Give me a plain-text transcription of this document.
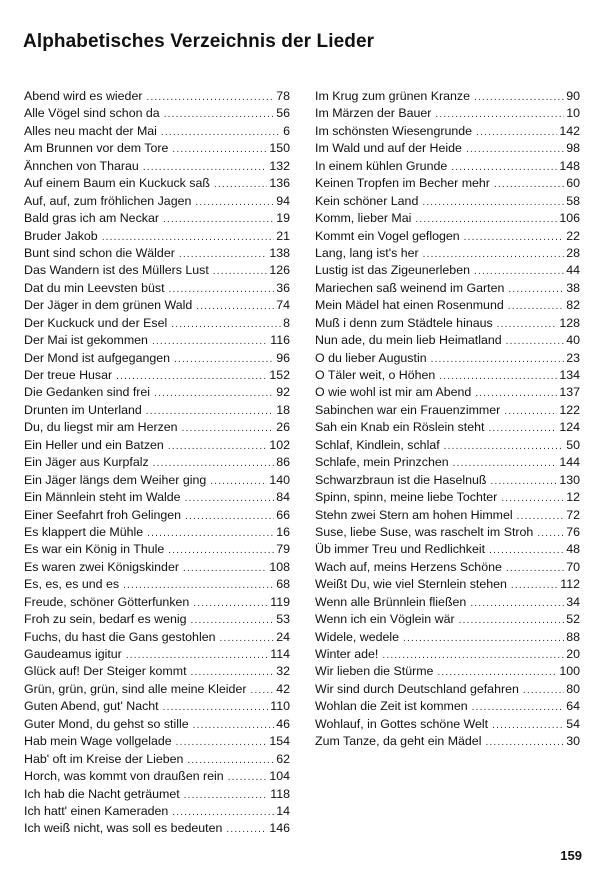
Alphabetisches Verzeichnis der Lieder
Abend wird es wieder .....	78
Alle Vögel sind schon da .....	56
Alles neu macht der Mai .....	6
Am Brunnen vor dem Tore .....	150
Ännchen von Tharau .....	132
Auf einem Baum ein Kuckuck saß .....	136
Auf, auf, zum fröhlichen Jagen .....	94
Bald gras ich am Neckar .....	19
Bruder Jakob .....	21
Bunt sind schon die Wälder .....	138
Das Wandern ist des Müllers Lust .....	126
Dat du min Leevsten büst .....	36
Der Jäger in dem grünen Wald .....	74
Der Kuckuck und der Esel .....	8
Der Mai ist gekommen .....	116
Der Mond ist aufgegangen .....	96
Der treue Husar .....	152
Die Gedanken sind frei .....	92
Drunten im Unterland .....	18
Du, du liegst mir am Herzen .....	26
Ein Heller und ein Batzen .....	102
Ein Jäger aus Kurpfalz .....	86
Ein Jäger längs dem Weiher ging .....	140
Ein Männlein steht im Walde .....	84
Einer Seefahrt froh Gelingen .....	66
Es klappert die Mühle .....	16
Es war ein König in Thule .....	79
Es waren zwei Königskinder .....	108
Es, es, es und es .....	68
Freude, schöner Götterfunken .....	119
Froh zu sein, bedarf es wenig .....	53
Fuchs, du hast die Gans gestohlen .....	24
Gaudeamus igitur .....	114
Glück auf! Der Steiger kommt .....	32
Grün, grün, grün, sind alle meine Kleider ..... 42
Guten Abend, gut' Nacht .....	110
Guter Mond, du gehst so stille .....	46
Hab mein Wage vollgelade .....	154
Hab' oft im Kreise der Lieben .....	62
Horch, was kommt von draußen rein .....	104
Ich hab die Nacht geträumet .....	118
Ich hatt' einen Kameraden .....	14
Ich weiß nicht, was soll es bedeuten .....	146
Im Krug zum grünen Kranze .....	90
Im Märzen der Bauer .....	10
Im schönsten Wiesengrunde .....	142
Im Wald und auf der Heide .....	98
In einem kühlen Grunde .....	148
Keinen Tropfen im Becher mehr .....	60
Kein schöner Land .....	58
Komm, lieber Mai .....	106
Kommt ein Vogel geflogen .....	22
Lang, lang ist's her .....	28
Lustig ist das Zigeunerleben .....	44
Mariechen saß weinend im Garten .....	38
Mein Mädel hat einen Rosenmund .....	82
Muß i denn zum Städtele hinaus .....	128
Nun ade, du mein lieb Heimatland .....	40
O du lieber Augustin .....	23
O Täler weit, o Höhen .....	134
O wie wohl ist mir am Abend .....	137
Sabinchen war ein Frauenzimmer .....	122
Sah ein Knab ein Röslein steht .....	124
Schlaf, Kindlein, schlaf .....	50
Schlafe, mein Prinzchen .....	144
Schwarzbraun ist die Haselnuß .....	130
Spinn, spinn, meine liebe Tochter .....	12
Stehn zwei Stern am hohen Himmel .....	72
Suse, liebe Suse, was raschelt im Stroh .....	76
Üb immer Treu und Redlichkeit .....	48
Wach auf, meins Herzens Schöne .....	70
Weißt Du, wie viel Sternlein stehen .....	112
Wenn alle Brünnlein fließen .....	34
Wenn ich ein Vöglein wär .....	52
Widele, wedele .....	88
Winter ade! .....	20
Wir lieben die Stürme .....	100
Wir sind durch Deutschland gefahren .....	80
Wohlan die Zeit ist kommen .....	64
Wohlauf, in Gottes schöne Welt .....	54
Zum Tanze, da geht ein Mädel .....	30
159
